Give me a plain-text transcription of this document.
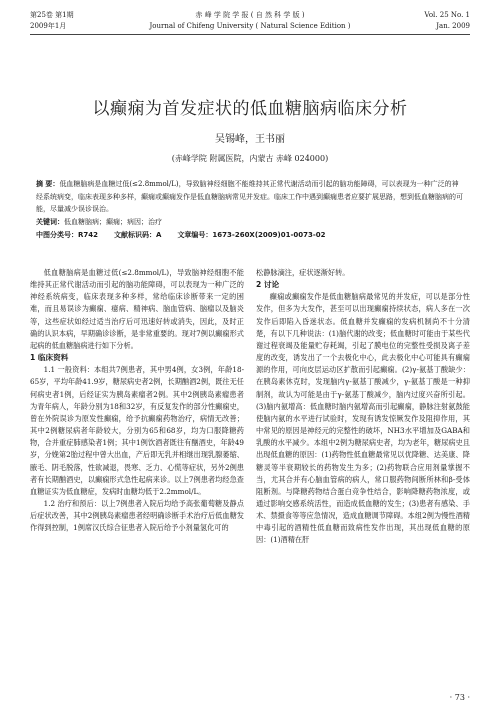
第25卷 第1期
2009年1月
赤 峰 学 院 学 报 ( 自 然 科 学 版 )
Journal of Chifeng University ( Natural Science Edition )
Vol. 25 No. 1
Jan. 2009
以癫痫为首发症状的低血糖脑病临床分析
吴锡峰，王书丽
(赤峰学院 附属医院，内蒙古 赤峰 024000)
摘 要：低血糖脑病是血糖过低(≤2.8mmol/L)，导致脑神经细胞不能维持其正常代谢活动而引起的脑功能障碍，可以表现为一种广泛的神经系统病变，临床表现多种多样，癫痫或癫痫发作是低血糖脑病常见并发症。临床工作中遇到癫痫患者应要扩展思路，想到低血糖脑病的可能，尽量减少误诊误治。
关键词：低血糖脑病；癫痫；病因；治疗
中图分类号：R742 文献标识码：A 文章编号：1673-260X(2009)01-0073-02

低血糖脑病是血糖过低(≤2.8mmol/L)，导致脑神经细胞不能维持其正常代谢活动而引起的脑功能障碍，可以表现为一种广泛的神经系统病变，临床表现多种多样，常给临床诊断带来一定的困难，而且易误诊为癫痫、癔病、精神病、脑血管病、脑瘤以及脑炎等，这些症状如经过适当治疗后可迅速好转或消失，因此，及时正确的认识本病，早期确诊诊断，是非常重要的。现对7例以癫痫形式起病的低血糖脑病进行如下分析。

1 临床资料

1.1 一般资料：本组共7例患者，其中男4例，女3例，年龄18-65岁，平均年龄41.9岁，糖尿病史者2例，长期酗酒2例，既往无任何病史者1例，后经证实为胰岛素瘤者2例。其中2例胰岛素瘤患者为青年病人，年龄分别为18和32岁，有反复发作的部分性癫痫史，曾在外院误诊为原发性癫痫，给予抗癫痫药物治疗，病情无改善；其中2例糖尿病者年龄较大，分别为65和68岁，均为口服降糖药物，合并重症肺感染者1例；其中1例饮酒者既往有酗酒史，年龄49岁，分娩第2胎过程中曾大出血，产后即无乳并相继出现乳腺萎缩、腋毛、阴毛脱落，性欲减退，畏寒、乏力、心慌等症状，另外2例患者有长期酗酒史，以癫痫形式急性起病来诊。以上7例患者均经急查血糖证实为低血糖症，发病时血糖均低于2.2mmol/L。

1.2 治疗和预后：以上7例患者入院后均给予高张葡萄糖及静点后症状改善，其中2例胰岛素瘤患者经明确诊断手术治疗后低血糖发作得到控制，1例席汉氏综合征患者入院后给予小剂量氢化可的

松静脉滴注，症状逐渐好转。

2 讨论

癫痫或癫痫发作是低血糖脑病最常见的并发症，可以是部分性发作，但多为大发作，甚至可以出现癫痫持续状态，病人多在一次发作后即陷入昏迷状态。低血糖并发癫痫的发病机制尚不十分清楚，有以下几种说法：(1)脑代谢的改变；低血糖时可能由于某些代谢过程衰竭及能量贮存耗竭，引起了膜电位的完整性受损及离子差度的改变，诱发出了一个去极化中心，此去极化中心可能具有癫痫源的作用，可向皮层运动区扩散而引起癫痫。(2)γ-氨基丁酸缺少：在胰岛素休克时，发现脑内γ-氨基丁酸减少，γ-氨基丁酸是一种抑制剂，故认为可能是由于γ-氨基丁酸减少，脑内过度兴奋所引起。(3)脑内氨增高：低血糖时脑内氨增高而引起癫痫，静脉注射氨鼓能使脑内氨的水平进行试验时，发现有诱发惊厥发作及阻抑作用，其中常见的原因是神经元的完整性的破坏，NH3水平增加及GABA和乳酸的水平减少。本组中2例为糖尿病史者，均为老年，糖尿病史且出现低血糖的原因：(1)药物性低血糖最常见以优降糖、达美康、降糖灵等半衰期较长的药物发生为多；(2)药物联合应用剂量掌握不当，尤其合并有心脑血管病的病人，常口服药物间断所林和β-受体阻断剂。与降糖药物结合蛋白竞争性结合，影响降糖药物浓度，或通过影响交感系统活性，而造成低血糖的发生；(3)患者有感染、手术、禁摄食等等应急情况，造成血糖调节障碍。本组2例为慢性酒精中毒引起的酒精性低血糖而致病性发作出现，其出现低血糖的原因：(1)酒精在肝

· 73 ·
